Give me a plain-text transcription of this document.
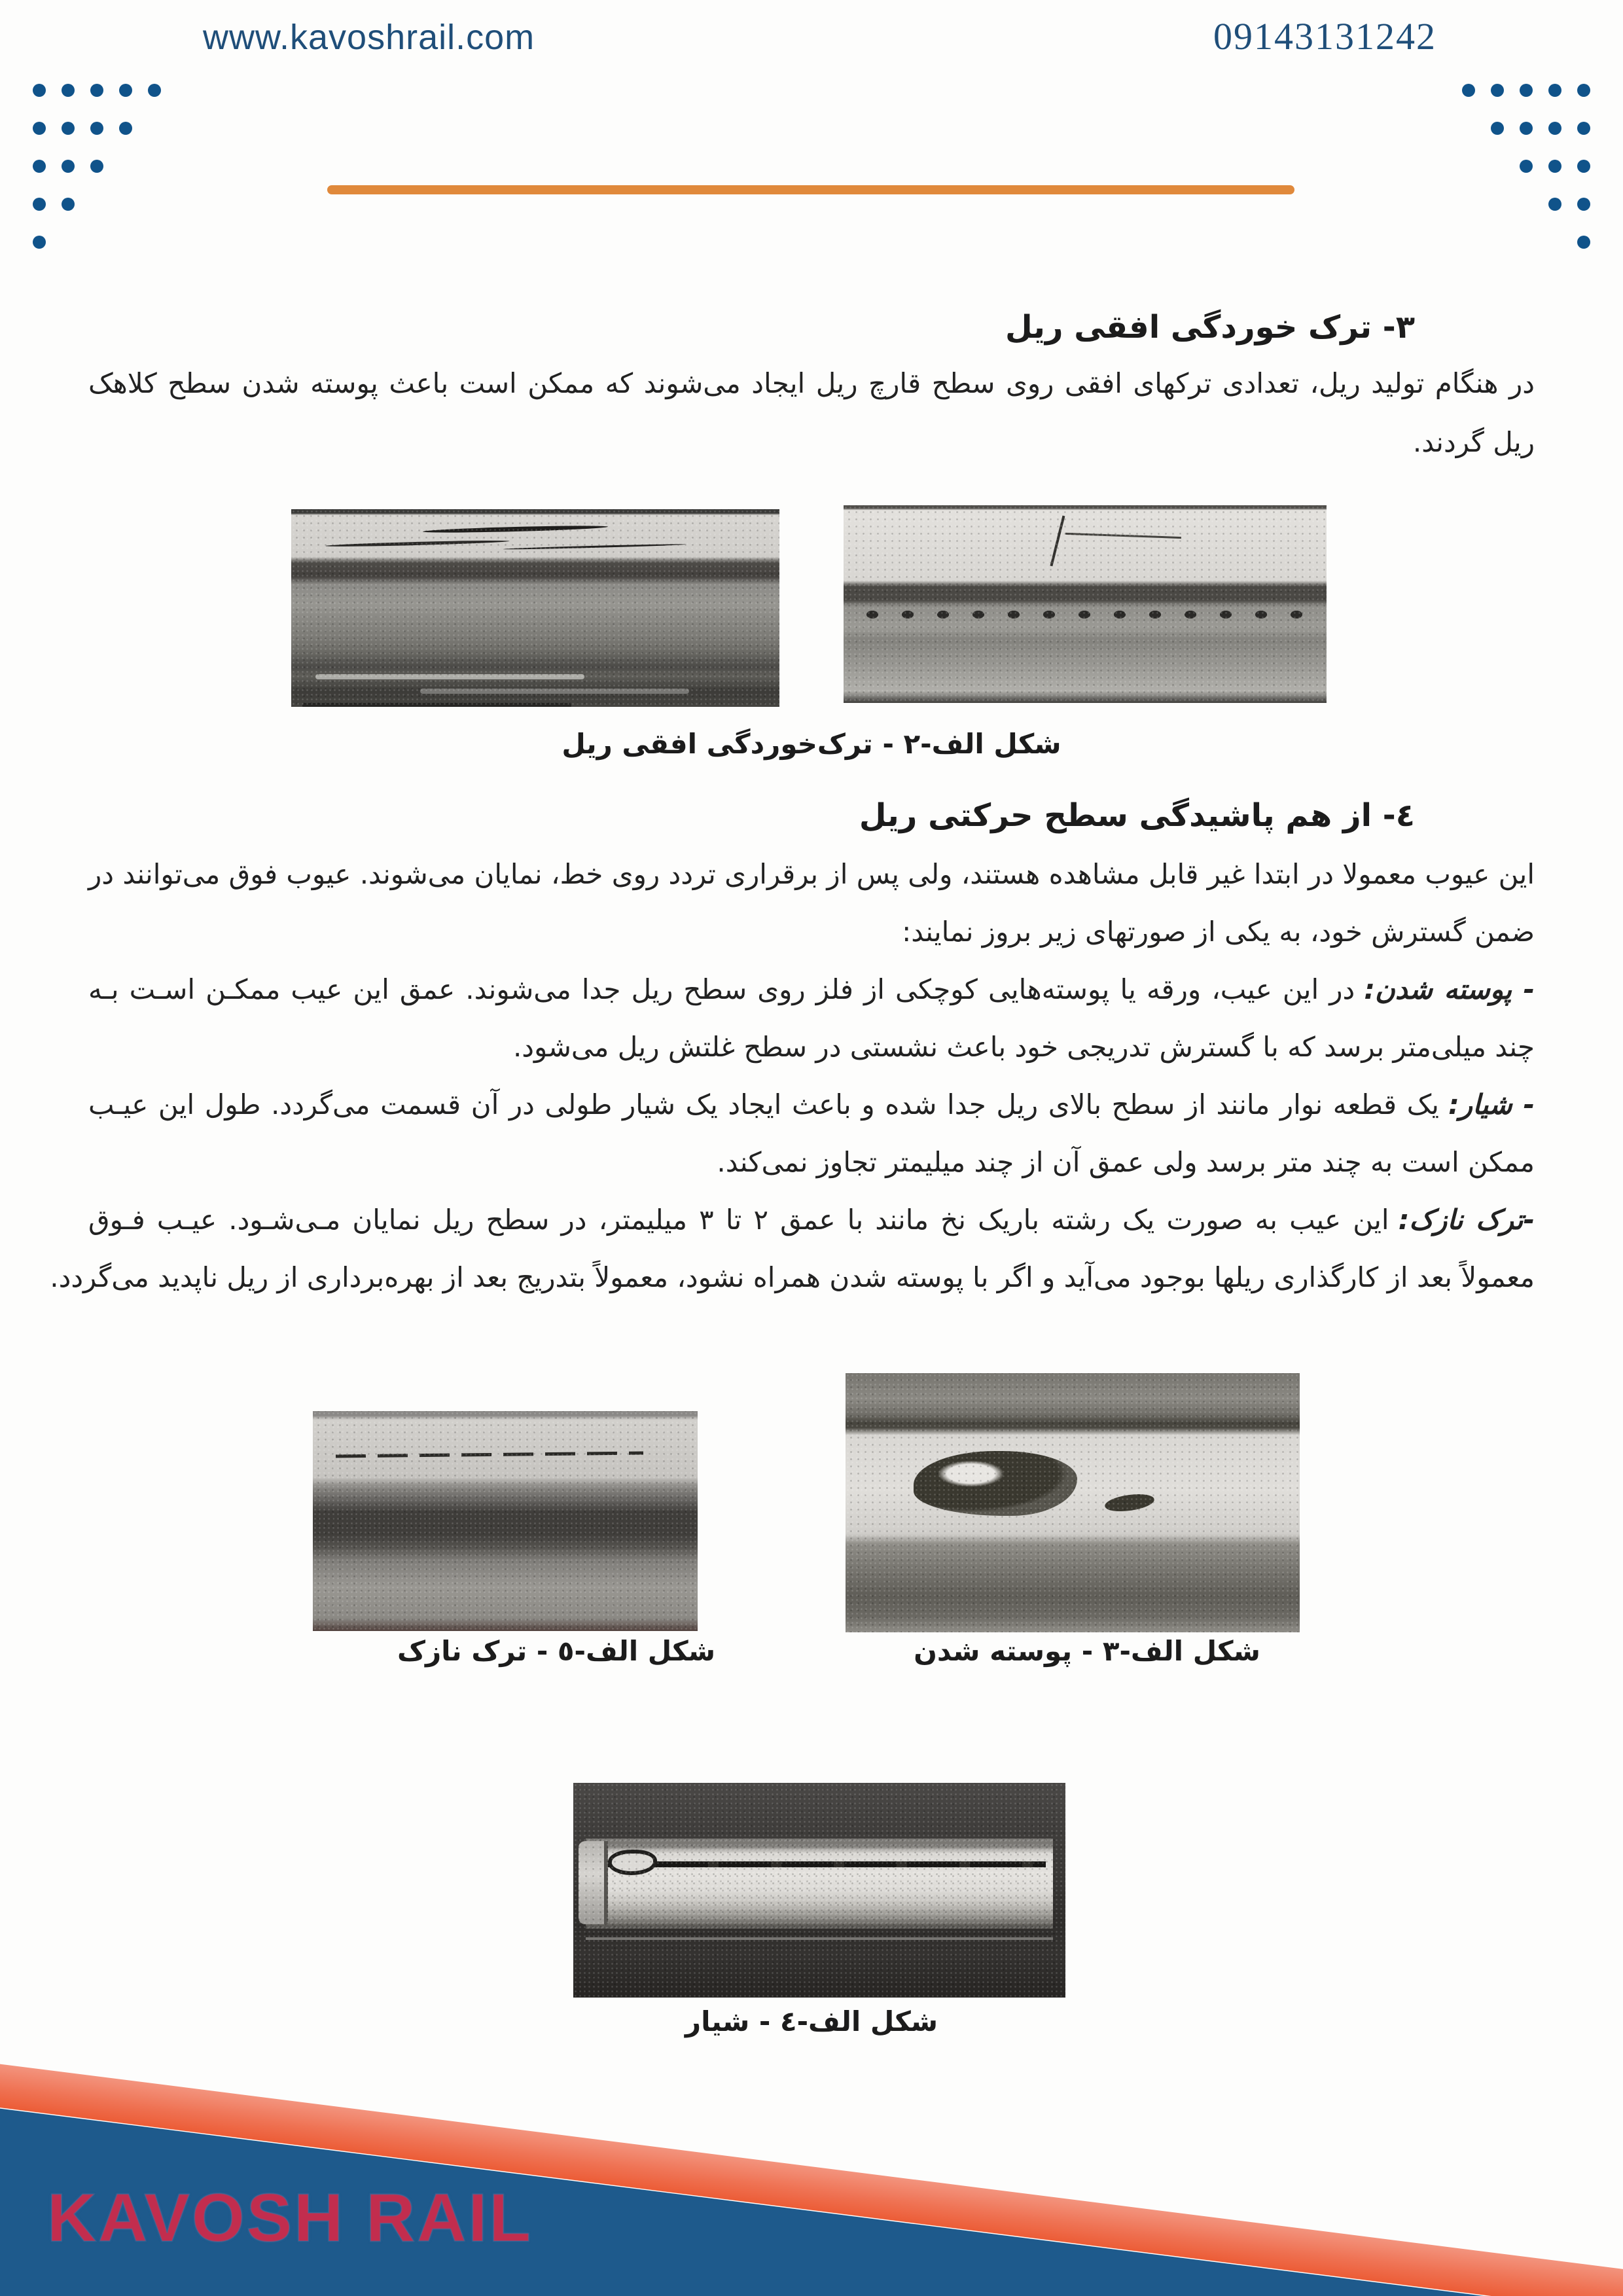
www.kavoshrail.com	09143131242
۳- ترک خوردگی افقی ریل
در هنگام تولید ریل، تعدادی ترکهای افقی روی سطح قارچ ریل ایجاد می‌شوند که ممکن است باعث پوسته شدن سطح کلاهک
ریل گردند.
شکل الف-۲ - ترک‌خوردگی افقی ریل
٤- از هم پاشیدگی سطح حرکتی ریل
این عیوب معمولا در ابتدا غیر قابل مشاهده هستند، ولی پس از برقراری تردد روی خط، نمایان می‌شوند. عیوب فوق می‌توانند در
ضمن گسترش خود، به یکی از صورتهای زیر بروز نمایند:
- پوسته شدن:در این عیب، ورقه یا پوسته‌هایی کوچکی از فلز روی سطح ریل جدا می‌شوند. عمق این عیب ممکـن اسـت بـه
چند میلی‌متر برسد که با گسترش تدریجی خود باعث نشستی در سطح غلتش ریل می‌شود.
- شیار:یک قطعه نوار مانند از سطح بالای ریل جدا شده و باعث ایجاد یک شیار طولی در آن قسمت می‌گردد. طول این عیـب
ممکن است به چند متر برسد ولی عمق آن از چند میلیمتر تجاوز نمی‌کند.
-ترک نازک:این عیب به صورت یک رشته باریک نخ مانند با عمق ۲ تا ۳ میلیمتر، در سطح ریل نمایان مـی‌شـود. عیـب فـوق
معمولاً بعد از کارگذاری ریلها بوجود می‌آید و اگر با پوسته شدن همراه نشود، معمولاً بتدریج بعد از بهره‌برداری از ریل ناپدید می‌گردد.
شکل الف-٥ - ترک نازک	شکل الف-۳ - پوسته شدن
شکل الف-٤ - شیار
KAVOSH RAIL
